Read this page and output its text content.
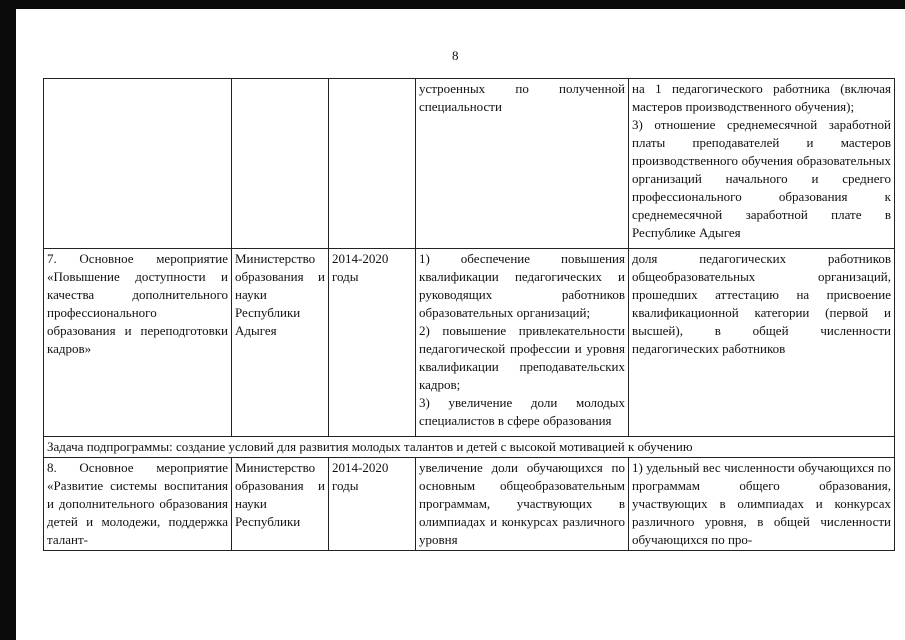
8
			устроенных по полученной специальности	на 1 педагогического работника (включая мастеров производственного обучения);
3) отношение среднемесячной заработной платы преподавателей и мастеров производственного обучения образовательных организаций начального и среднего профессионального образования к среднемесячной заработной плате в Республике Адыгея
7. Основное мероприятие «Повышение доступности и качества дополнительного профессионального образования и переподготовки кадров»	Министерство образования и науки Республики Адыгея	2014-2020 годы	1) обеспечение повышения квалификации педагогических и руководящих работников образовательных организаций;
2) повышение привлекательности педагогической профессии и уровня квалификации преподавательских кадров;
3) увеличение доли молодых специалистов в сфере образования	доля педагогических работников общеобразовательных организаций, прошедших аттестацию на присвоение квалификационной категории (первой и высшей), в общей численности педагогических работников
Задача подпрограммы: создание условий для развития молодых талантов и детей с высокой мотивацией к обучению				
8. Основное мероприятие «Развитие системы воспитания и дополнительного образования детей и молодежи, поддержка талант-	Министерство образования и науки Республики	2014-2020 годы	увеличение доли обучающихся по основным общеобразовательным программам, участвующих в олимпиадах и конкурсах различного уровня	1) удельный вес численности обучающихся по программам общего образования, участвующих в олимпиадах и конкурсах различного уровня, в общей численности обучающихся по про-
